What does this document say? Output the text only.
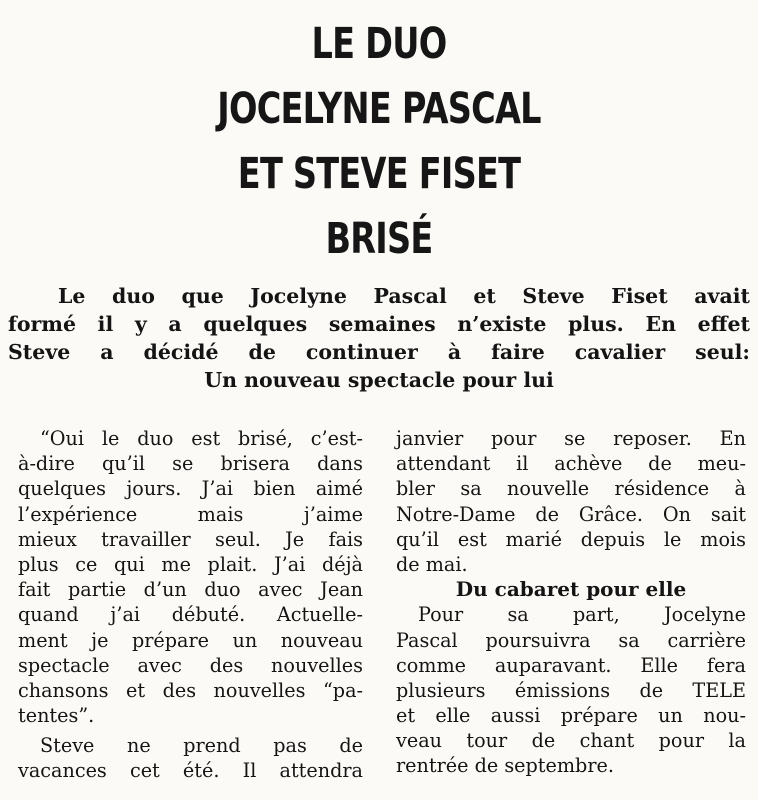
LE DUO
JOCELYNE PASCAL
ET STEVE FISET
BRISÉ
Le duo que Jocelyne Pascal et Steve Fiset avait
formé il y a quelques semaines n’existe plus. En effet
Steve a décidé de continuer à faire cavalier seul:
Un nouveau spectacle pour lui
“Oui le duo est brisé, c’est-
à-dire qu’il se brisera dans
quelques jours. J’ai bien aimé
l’expérience mais j’aime
mieux travailler seul. Je fais
plus ce qui me plait. J’ai déjà
fait partie d’un duo avec Jean
quand j’ai débuté. Actuelle-
ment je prépare un nouveau
spectacle avec des nouvelles
chansons et des nouvelles “pa-
tentes”.
Steve ne prend pas de
vacances cet été. Il attendra
janvier pour se reposer. En
attendant il achève de meu-
bler sa nouvelle résidence à
Notre-Dame de Grâce. On sait
qu’il est marié depuis le mois
de mai.
Du cabaret pour elle
Pour sa part, Jocelyne
Pascal poursuivra sa carrière
comme auparavant. Elle fera
plusieurs émissions de TELE
et elle aussi prépare un nou-
veau tour de chant pour la
rentrée de septembre.
